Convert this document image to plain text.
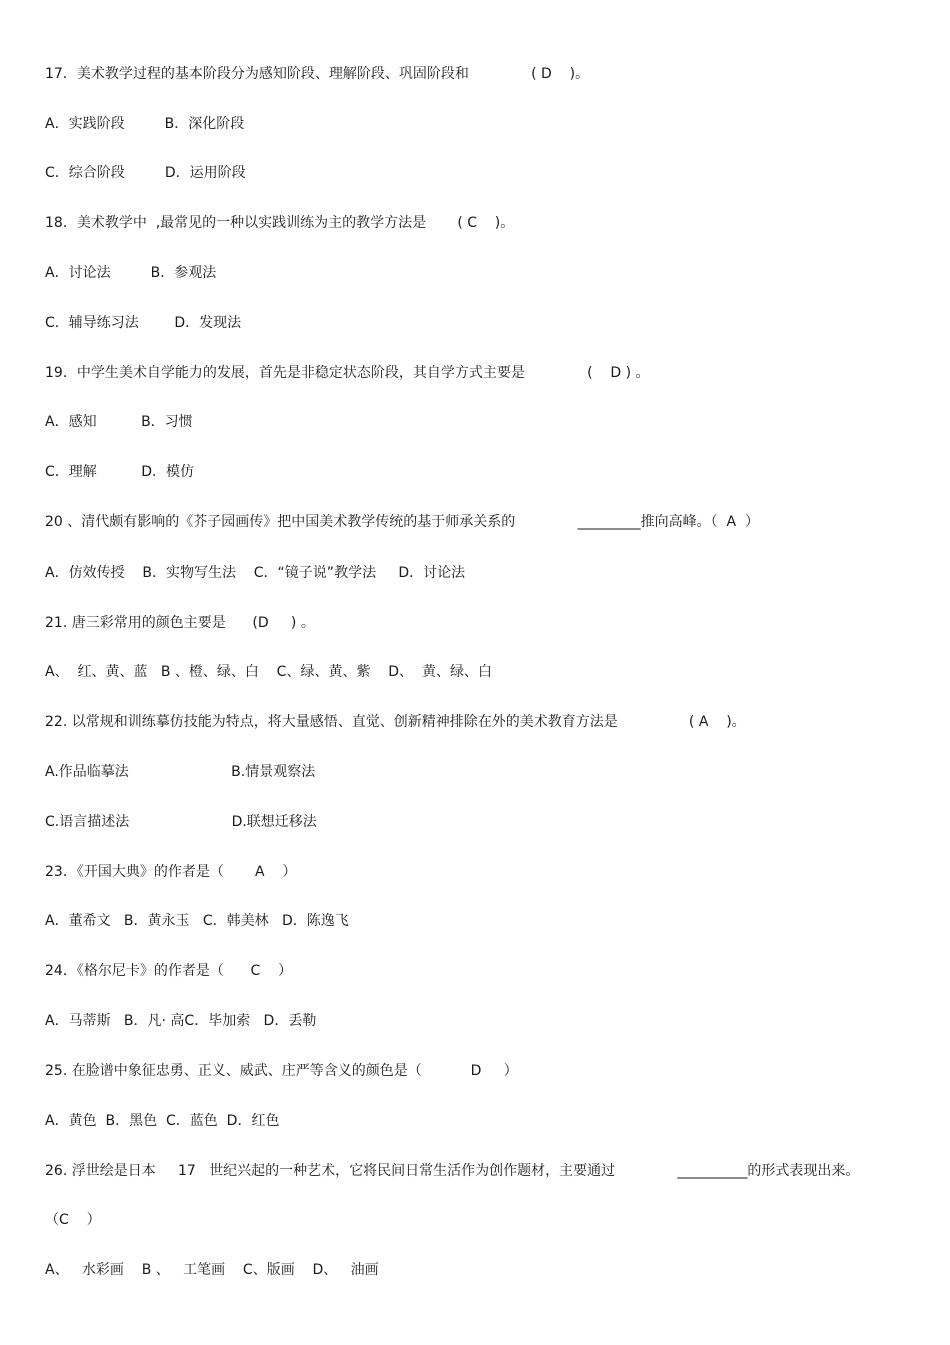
17．美术教学过程的基本阶段分为感知阶段、理解阶段、巩固阶段和              ( D    )。
A．实践阶段         B．深化阶段
C．综合阶段         D．运用阶段
18．美术教学中  ,最常见的一种以实践训练为主的教学方法是       ( C    )。
A．讨论法         B．参观法
C．辅导练习法        D．发现法
19．中学生美术自学能力的发展，首先是非稳定状态阶段，其自学方式主要是              (    D ) 。
A．感知          B．习惯
C．理解          D．模仿
20 、清代颇有影响的《芥子园画传》把中国美术教学传统的基于师承关系的              _________推向高峰。（  A  ）
A．仿效传授    B．实物写生法    C．“镜子说”教学法     D．讨论法
21. 唐三彩常用的颜色主要是      (D     ) 。
A、  红、黄、蓝   B 、橙、绿、白    C、绿、黄、紫    D、  黄、绿、白
22. 以常规和训练摹仿技能为特点，将大量感悟、直觉、创新精神排除在外的美术教育方法是                ( A    )。
A.作品临摹法                       B.情景观察法
C.语言描述法                       D.联想迁移法
23．《开国大典》的作者是（       A    ）
A．董希文   B．黄永玉   C．韩美林   D．陈逸飞
24．《格尔尼卡》的作者是（      C    ）
A．马蒂斯   B．凡· 高C．毕加索   D．丢勒
25. 在脸谱中象征忠勇、正义、威武、庄严等含义的颜色是（           D     ）
A．黄色  B．黑色  C．蓝色  D．红色
26. 浮世绘是日本     17   世纪兴起的一种艺术，它将民间日常生活作为创作题材，主要通过              __________的形式表现出来。
（C    ）
A、   水彩画    B 、   工笔画    C、版画    D、   油画
